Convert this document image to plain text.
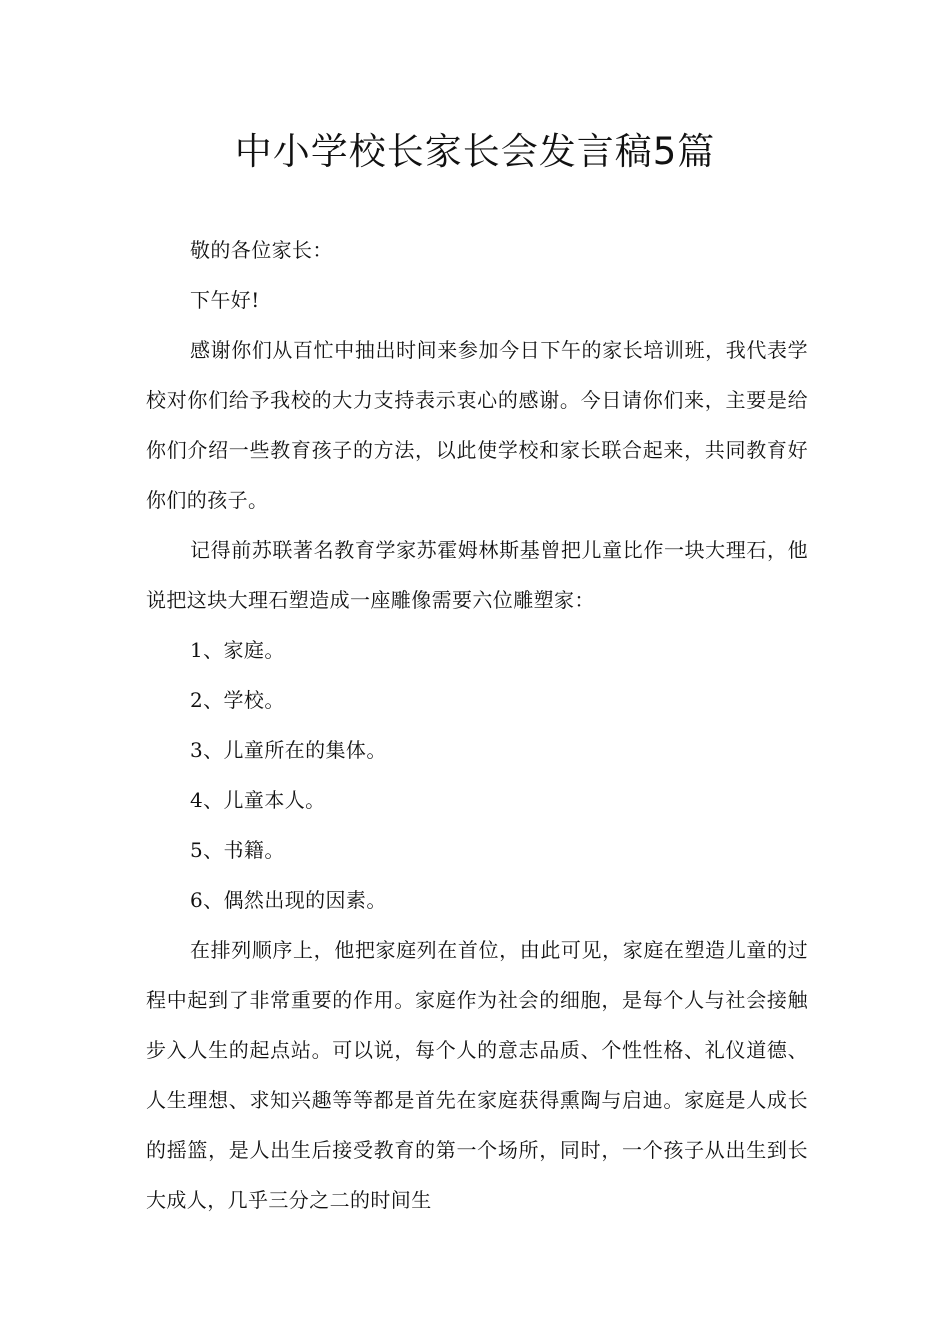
中小学校长家长会发言稿5篇

敬的各位家长：

下午好!

感谢你们从百忙中抽出时间来参加今日下午的家长培训班，我代表学校对你们给予我校的大力支持表示衷心的感谢。今日请你们来，主要是给你们介绍一些教育孩子的方法，以此使学校和家长联合起来，共同教育好你们的孩子。

记得前苏联著名教育学家苏霍姆林斯基曾把儿童比作一块大理石，他说把这块大理石塑造成一座雕像需要六位雕塑家：

1、家庭。

2、学校。

3、儿童所在的集体。

4、儿童本人。

5、书籍。

6、偶然出现的因素。

在排列顺序上，他把家庭列在首位，由此可见，家庭在塑造儿童的过程中起到了非常重要的作用。家庭作为社会的细胞，是每个人与社会接触步入人生的起点站。可以说，每个人的意志品质、个性性格、礼仪道德、人生理想、求知兴趣等等都是首先在家庭获得熏陶与启迪。家庭是人成长的摇篮，是人出生后接受教育的第一个场所，同时，一个孩子从出生到长大成人，几乎三分之二的时间生
